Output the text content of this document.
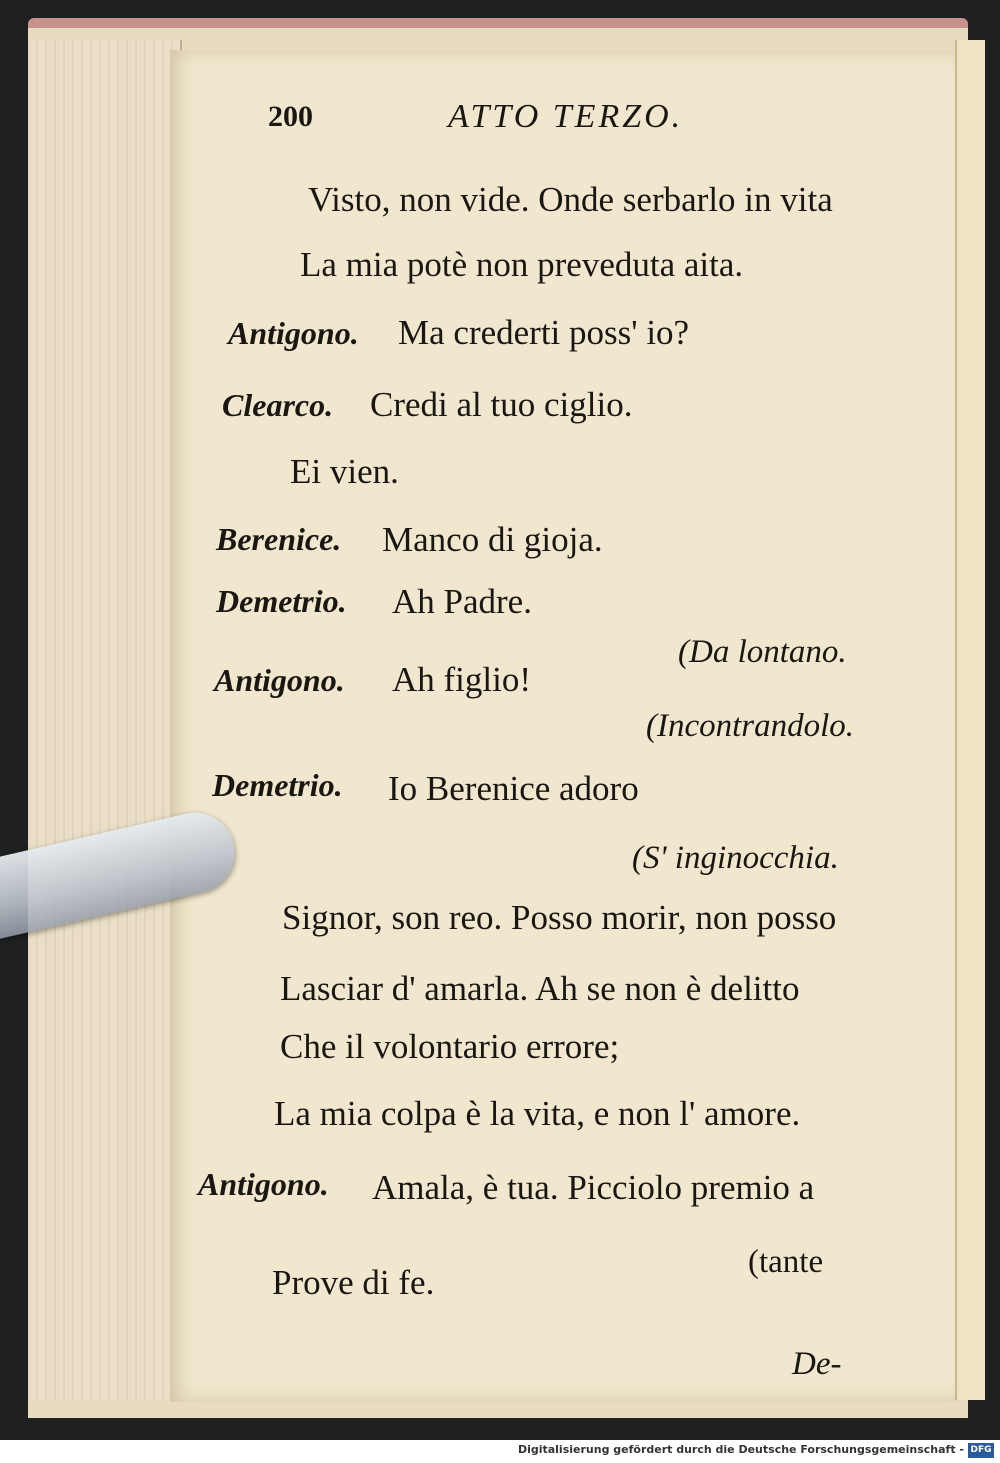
200	ATTO TERZO.
Visto, non vide. Onde serbarlo in vita
La mia potè non preveduta aita.
Antigono. Ma crederti poss' io?
Clearco. Credi al tuo ciglio.
Ei vien.
Berenice. Manco di gioja.
Demetrio. Ah Padre.
(Da lontano.
Antigono. Ah figlio!
(Incontrandolo.
Demetrio. Io Berenice adoro
(S' inginocchia.
Signor, son reo. Posso morir, non posso
Lasciar d' amarla. Ah se non è delitto
Che il volontario errore;
La mia colpa è la vita, e non l' amore.
Antigono. Amala, è tua. Picciolo premio a
(tante
Prove di fe.
De-
Digitalisierung gefördert durch die Deutsche Forschungsgemeinschaft - DFG
